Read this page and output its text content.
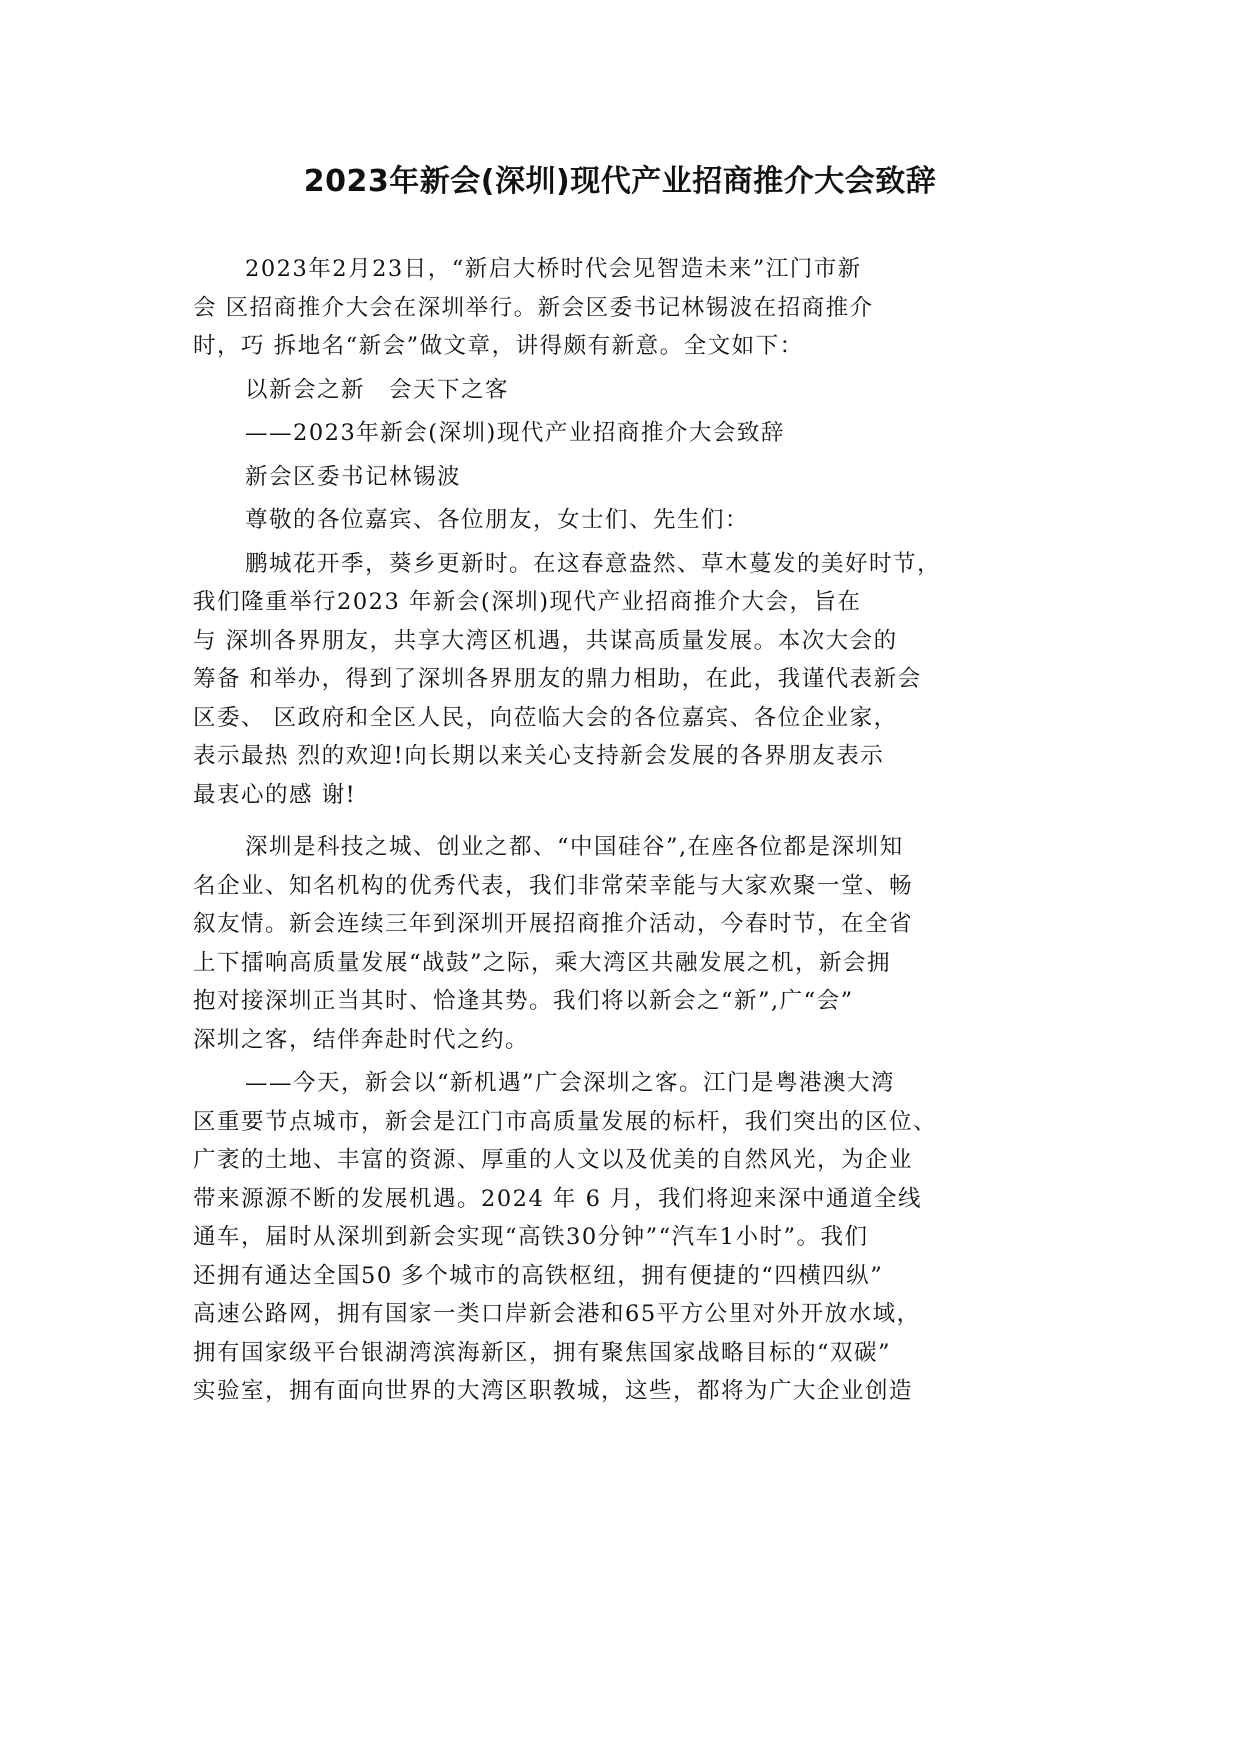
2023年新会(深圳)现代产业招商推介大会致辞
2023年2月23日，“新启大桥时代会见智造未来”江门市新
会 区招商推介大会在深圳举行。新会区委书记林锡波在招商推介
时，巧 拆地名“新会”做文章，讲得颇有新意。全文如下：
以新会之新　会天下之客
——2023年新会(深圳)现代产业招商推介大会致辞
新会区委书记林锡波
尊敬的各位嘉宾、各位朋友，女士们、先生们：
鹏城花开季，葵乡更新时。在这春意盎然、草木蔓发的美好时节，
我们隆重举行2023 年新会(深圳)现代产业招商推介大会，旨在
与 深圳各界朋友，共享大湾区机遇，共谋高质量发展。本次大会的
筹备 和举办，得到了深圳各界朋友的鼎力相助，在此，我谨代表新会
区委、 区政府和全区人民，向莅临大会的各位嘉宾、各位企业家，
表示最热 烈的欢迎!向长期以来关心支持新会发展的各界朋友表示
最衷心的感 谢!
深圳是科技之城、创业之都、“中国硅谷”,在座各位都是深圳知
名企业、知名机构的优秀代表，我们非常荣幸能与大家欢聚一堂、畅
叙友情。新会连续三年到深圳开展招商推介活动，今春时节，在全省
上下擂响高质量发展“战鼓”之际，乘大湾区共融发展之机，新会拥
抱对接深圳正当其时、恰逢其势。我们将以新会之“新”,广“会”
深圳之客，结伴奔赴时代之约。
——今天，新会以“新机遇”广会深圳之客。江门是粤港澳大湾
区重要节点城市，新会是江门市高质量发展的标杆，我们突出的区位、
广袤的土地、丰富的资源、厚重的人文以及优美的自然风光，为企业
带来源源不断的发展机遇。2024 年 6 月，我们将迎来深中通道全线
通车，届时从深圳到新会实现“高铁30分钟”“汽车1小时”。我们
还拥有通达全国50 多个城市的高铁枢纽，拥有便捷的“四横四纵”
高速公路网，拥有国家一类口岸新会港和65平方公里对外开放水域，
拥有国家级平台银湖湾滨海新区，拥有聚焦国家战略目标的“双碳”
实验室，拥有面向世界的大湾区职教城，这些，都将为广大企业创造
